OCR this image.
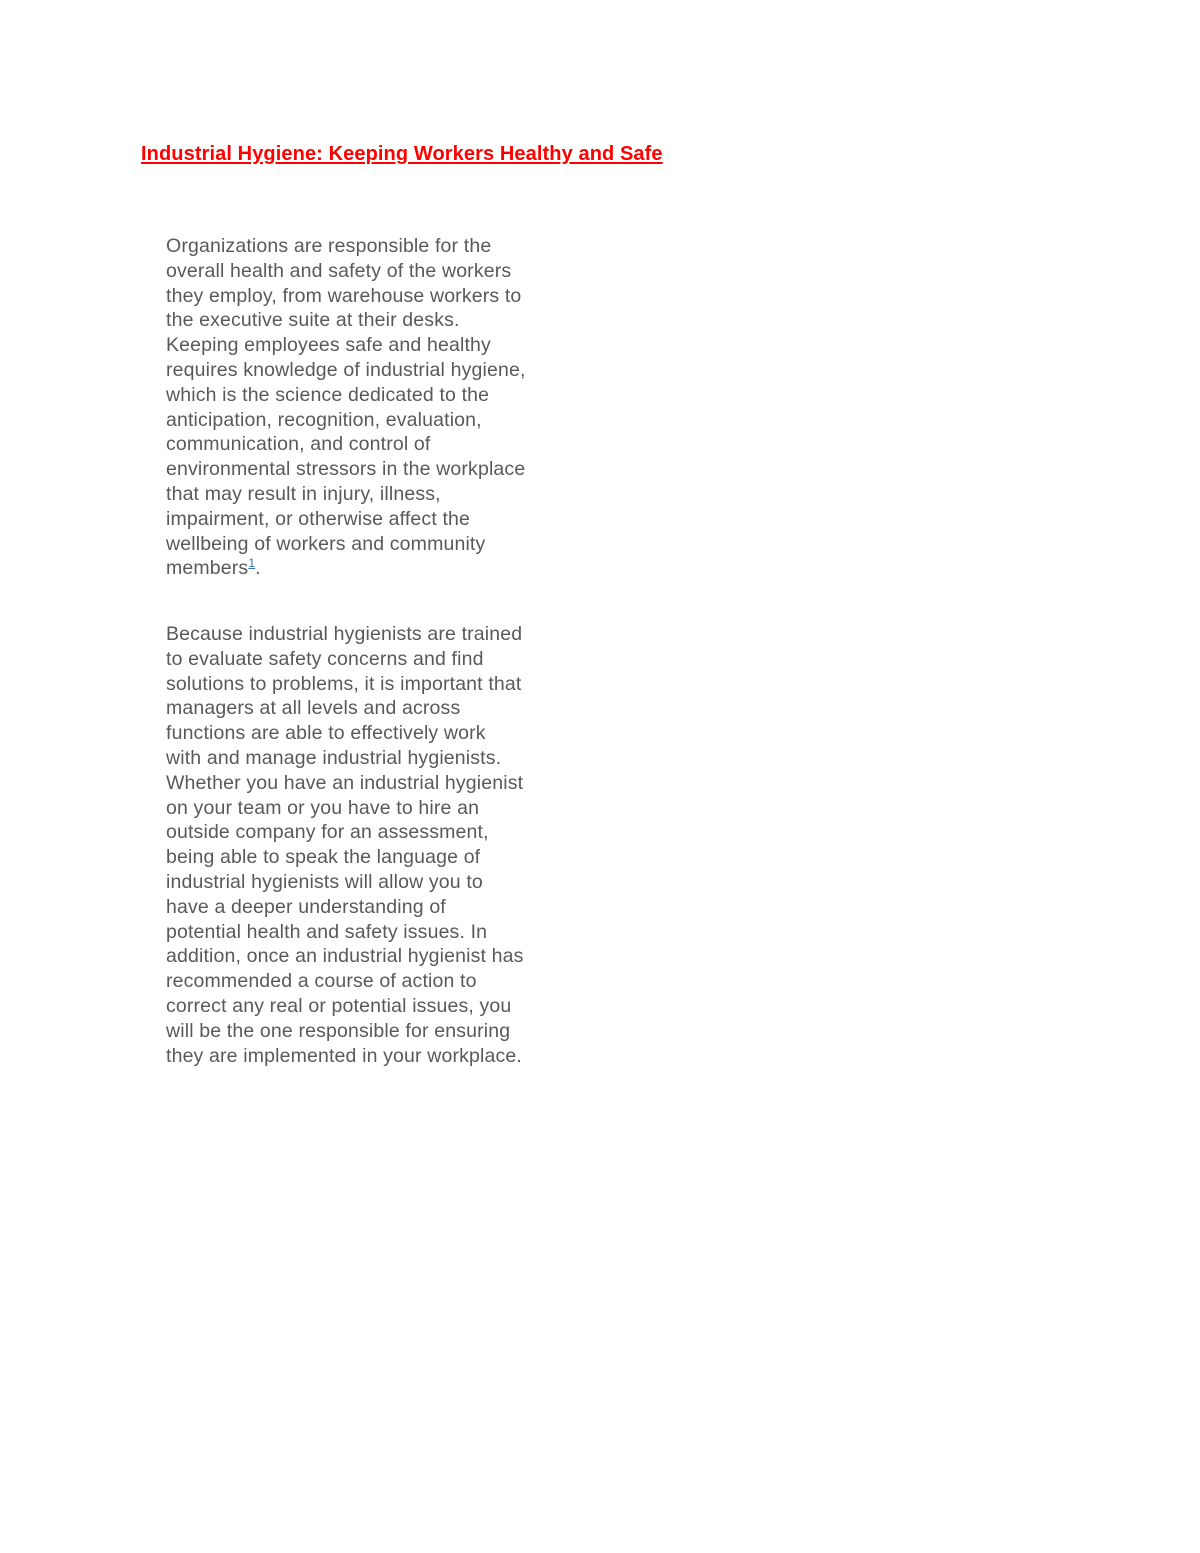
Industrial Hygiene: Keeping Workers Healthy and Safe

Organizations are responsible for the
overall health and safety of the workers
they employ, from warehouse workers to
the executive suite at their desks.
Keeping employees safe and healthy
requires knowledge of industrial hygiene,
which is the science dedicated to the
anticipation, recognition, evaluation,
communication, and control of
environmental stressors in the workplace
that may result in injury, illness,
impairment, or otherwise affect the
wellbeing of workers and community
members$^1$.

Because industrial hygienists are trained
to evaluate safety concerns and find
solutions to problems, it is important that
managers at all levels and across
functions are able to effectively work
with and manage industrial hygienists.
Whether you have an industrial hygienist
on your team or you have to hire an
outside company for an assessment,
being able to speak the language of
industrial hygienists will allow you to
have a deeper understanding of
potential health and safety issues. In
addition, once an industrial hygienist has
recommended a course of action to
correct any real or potential issues, you
will be the one responsible for ensuring
they are implemented in your workplace.
